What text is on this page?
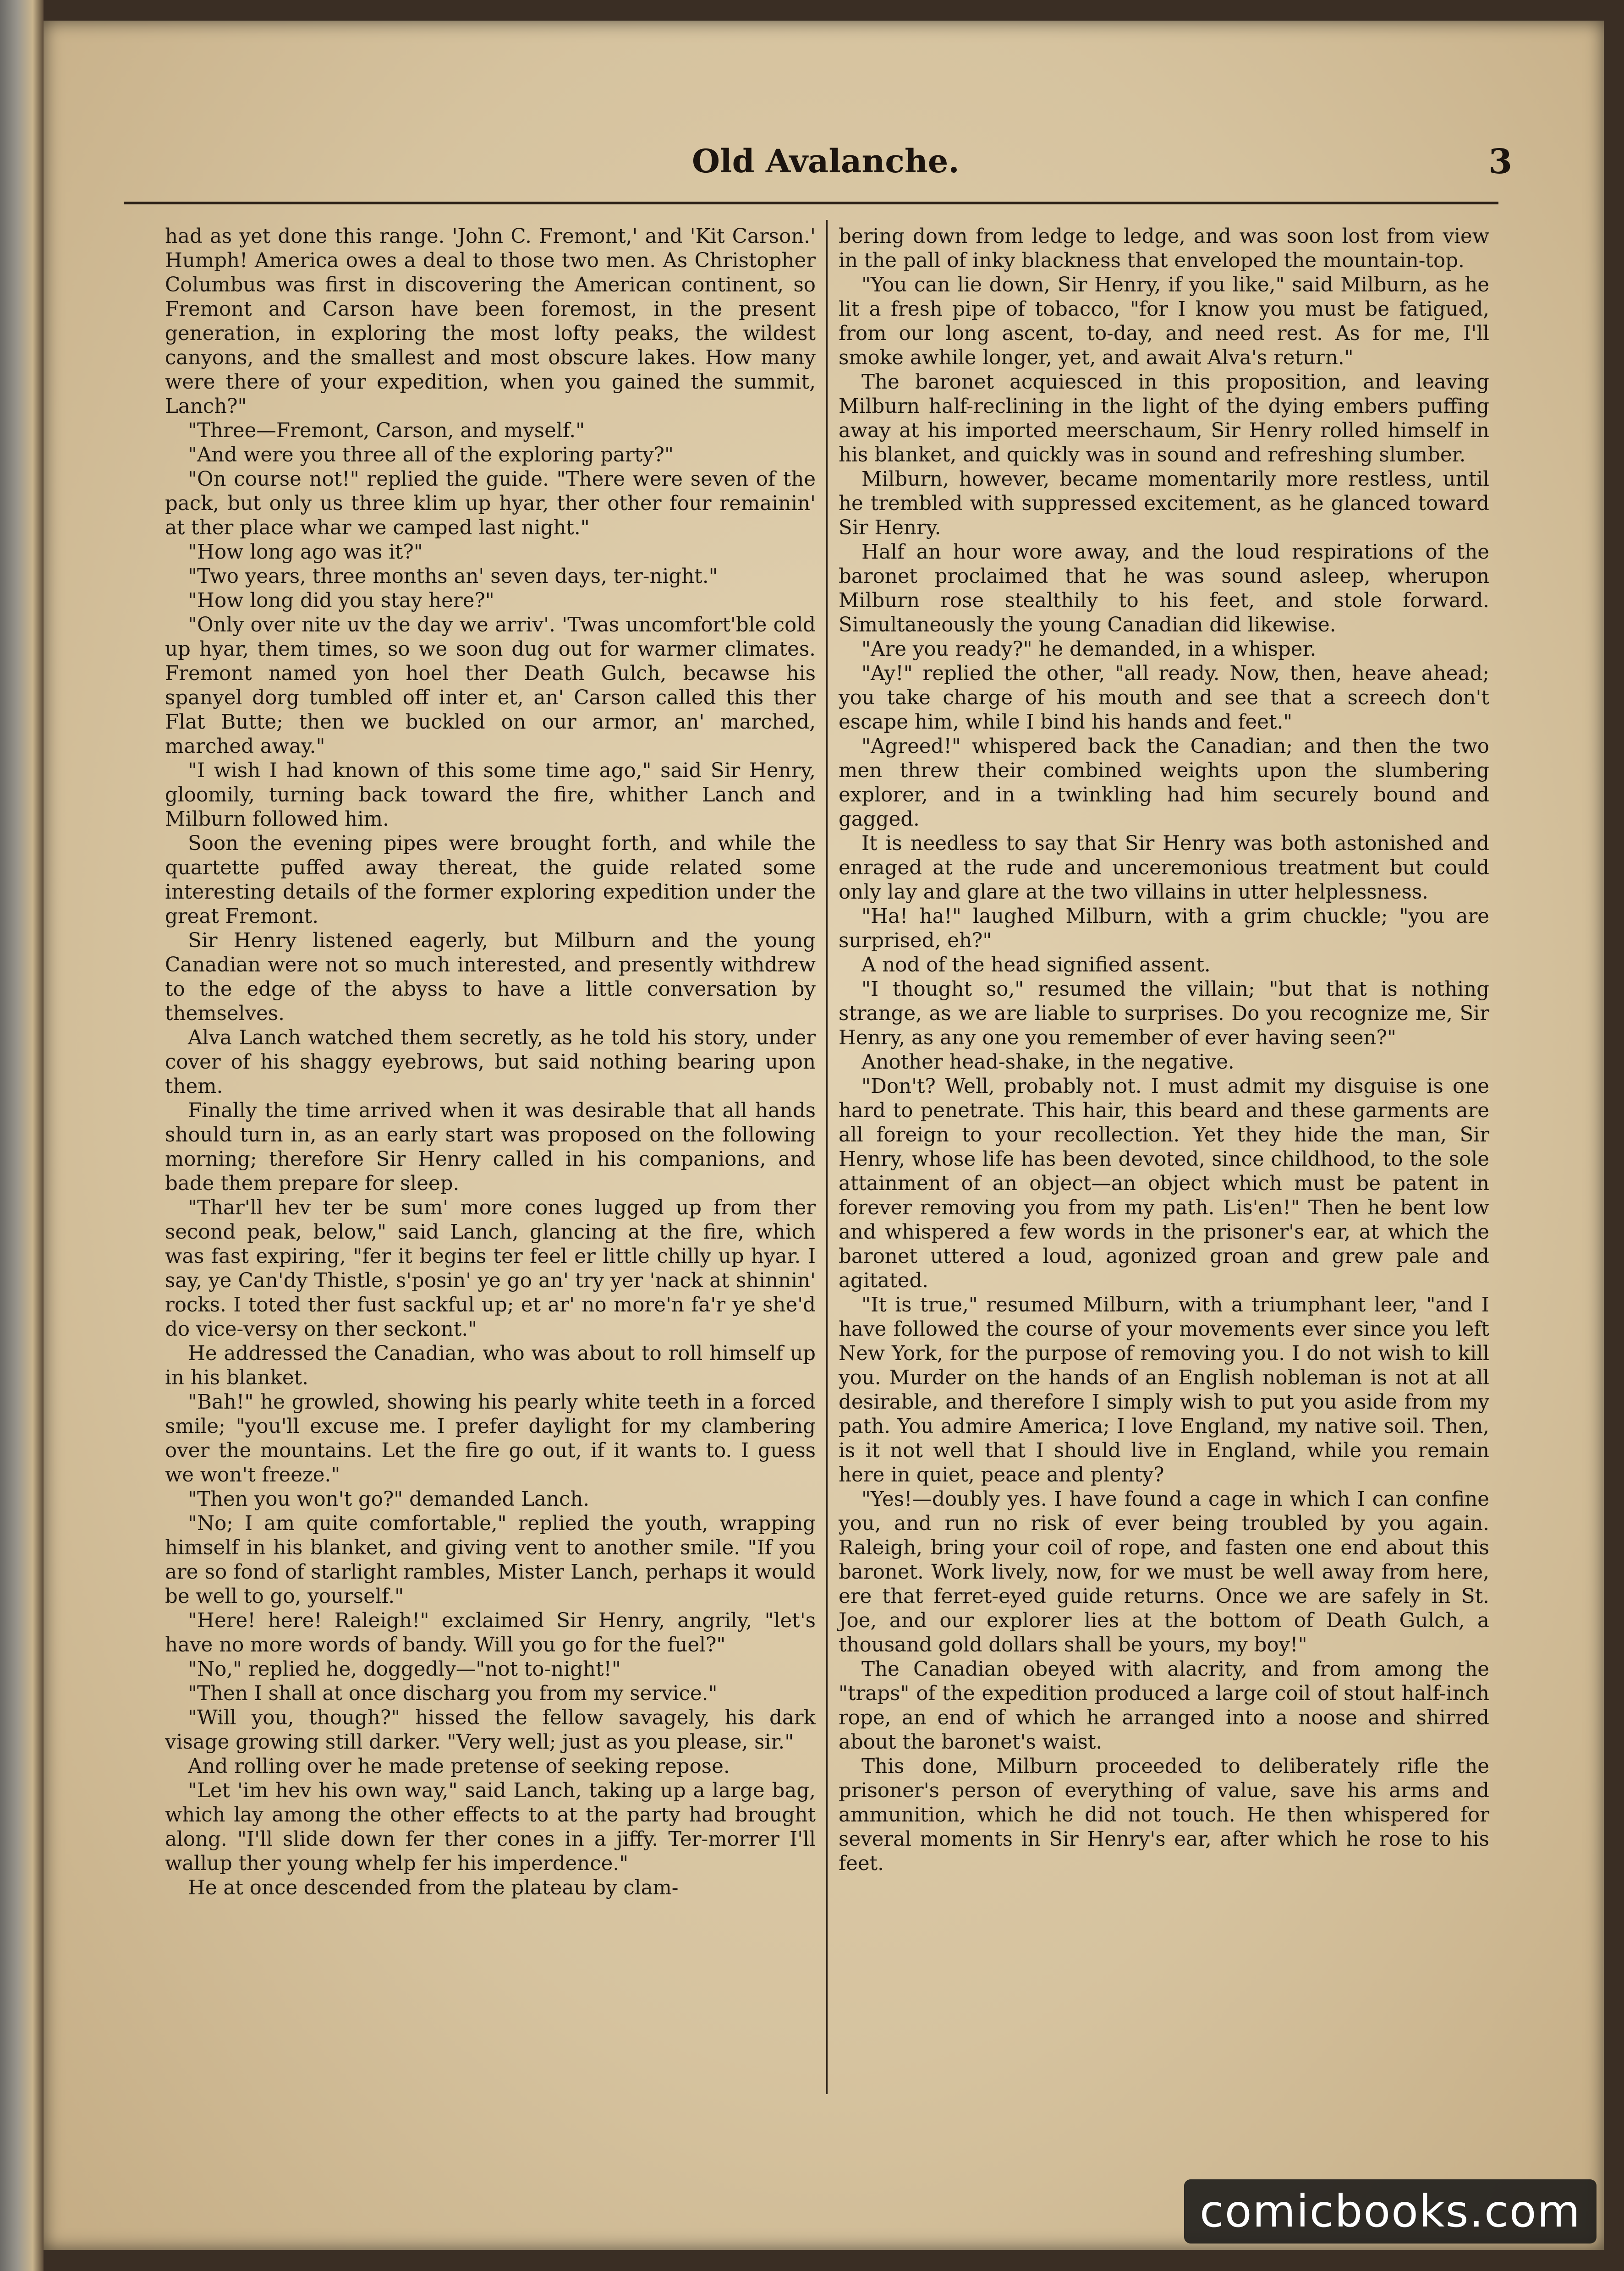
Old Avalanche.	3

had as yet done this range. 'John C. Fremont,' and 'Kit Carson.' Humph! America owes a deal to those two men. As Christopher Columbus was first in discovering the American continent, so Fremont and Carson have been foremost, in the present generation, in exploring the most lofty peaks, the wildest canyons, and the smallest and most obscure lakes. How many were there of your expedition, when you gained the summit, Lanch?"

"Three—Fremont, Carson, and myself."

"And were you three all of the exploring party?"

"On course not!" replied the guide. "There were seven of the pack, but only us three klim up hyar, ther other four remainin' at ther place whar we camped last night."

"How long ago was it?"

"Two years, three months an' seven days, ter-night."

"How long did you stay here?"

"Only over nite uv the day we arriv'. 'Twas uncomfort'ble cold up hyar, them times, so we soon dug out for warmer climates. Fremont named yon hoel ther Death Gulch, becawse his spanyel dorg tumbled off inter et, an' Carson called this ther Flat Butte; then we buckled on our armor, an' marched, marched away."

"I wish I had known of this some time ago," said Sir Henry, gloomily, turning back toward the fire, whither Lanch and Milburn followed him.

Soon the evening pipes were brought forth, and while the quartette puffed away thereat, the guide related some interesting details of the former exploring expedition under the great Fremont.

Sir Henry listened eagerly, but Milburn and the young Canadian were not so much interested, and presently withdrew to the edge of the abyss to have a little conversation by themselves.

Alva Lanch watched them secretly, as he told his story, under cover of his shaggy eyebrows, but said nothing bearing upon them.

Finally the time arrived when it was desirable that all hands should turn in, as an early start was proposed on the following morning; therefore Sir Henry called in his companions, and bade them prepare for sleep.

"Thar'll hev ter be sum' more cones lugged up from ther second peak, below," said Lanch, glancing at the fire, which was fast expiring, "fer it begins ter feel er little chilly up hyar. I say, ye Can'dy Thistle, s'posin' ye go an' try yer 'nack at shinnin' rocks. I toted ther fust sackful up; et ar' no more'n fa'r ye she'd do vice-versy on ther seckont."

He addressed the Canadian, who was about to roll himself up in his blanket.

"Bah!" he growled, showing his pearly white teeth in a forced smile; "you'll excuse me. I prefer daylight for my clambering over the mountains. Let the fire go out, if it wants to. I guess we won't freeze."

"Then you won't go?" demanded Lanch.

"No; I am quite comfortable," replied the youth, wrapping himself in his blanket, and giving vent to another smile. "If you are so fond of starlight rambles, Mister Lanch, perhaps it would be well to go, yourself."

"Here! here! Raleigh!" exclaimed Sir Henry, angrily, "let's have no more words of bandy. Will you go for the fuel?"

"No," replied he, doggedly—"not to-night!"

"Then I shall at once discharg you from my service."

"Will you, though?" hissed the fellow savagely, his dark visage growing still darker. "Very well; just as you please, sir."

And rolling over he made pretense of seeking repose.

"Let 'im hev his own way," said Lanch, taking up a large bag, which lay among the other effects to at the party had brought along. "I'll slide down fer ther cones in a jiffy. Ter-morrer I'll wallup ther young whelp fer his imperdence."

He at once descended from the plateau by clam-

bering down from ledge to ledge, and was soon lost from view in the pall of inky blackness that enveloped the mountain-top.

"You can lie down, Sir Henry, if you like," said Milburn, as he lit a fresh pipe of tobacco, "for I know you must be fatigued, from our long ascent, to-day, and need rest. As for me, I'll smoke awhile longer, yet, and await Alva's return."

The baronet acquiesced in this proposition, and leaving Milburn half-reclining in the light of the dying embers puffing away at his imported meerschaum, Sir Henry rolled himself in his blanket, and quickly was in sound and refreshing slumber.

Milburn, however, became momentarily more restless, until he trembled with suppressed excitement, as he glanced toward Sir Henry.

Half an hour wore away, and the loud respirations of the baronet proclaimed that he was sound asleep, wherupon Milburn rose stealthily to his feet, and stole forward. Simultaneously the young Canadian did likewise.

"Are you ready?" he demanded, in a whisper.

"Ay!" replied the other, "all ready. Now, then, heave ahead; you take charge of his mouth and see that a screech don't escape him, while I bind his hands and feet."

"Agreed!" whispered back the Canadian; and then the two men threw their combined weights upon the slumbering explorer, and in a twinkling had him securely bound and gagged.

It is needless to say that Sir Henry was both astonished and enraged at the rude and unceremonious treatment but could only lay and glare at the two villains in utter helplessness.

"Ha! ha!" laughed Milburn, with a grim chuckle; "you are surprised, eh?"

A nod of the head signified assent.

"I thought so," resumed the villain; "but that is nothing strange, as we are liable to surprises. Do you recognize me, Sir Henry, as any one you remember of ever having seen?"

Another head-shake, in the negative.

"Don't? Well, probably not. I must admit my disguise is one hard to penetrate. This hair, this beard and these garments are all foreign to your recollection. Yet they hide the man, Sir Henry, whose life has been devoted, since childhood, to the sole attainment of an object—an object which must be patent in forever removing you from my path. Lis'en!" Then he bent low and whispered a few words in the prisoner's ear, at which the baronet uttered a loud, agonized groan and grew pale and agitated.

"It is true," resumed Milburn, with a triumphant leer, "and I have followed the course of your movements ever since you left New York, for the purpose of removing you. I do not wish to kill you. Murder on the hands of an English nobleman is not at all desirable, and therefore I simply wish to put you aside from my path. You admire America; I love England, my native soil. Then, is it not well that I should live in England, while you remain here in quiet, peace and plenty?

"Yes!—doubly yes. I have found a cage in which I can confine you, and run no risk of ever being troubled by you again. Raleigh, bring your coil of rope, and fasten one end about this baronet. Work lively, now, for we must be well away from here, ere that ferret-eyed guide returns. Once we are safely in St. Joe, and our explorer lies at the bottom of Death Gulch, a thousand gold dollars shall be yours, my boy!"

The Canadian obeyed with alacrity, and from among the "traps" of the expedition produced a large coil of stout half-inch rope, an end of which he arranged into a noose and shirred about the baronet's waist.

This done, Milburn proceeded to deliberately rifle the prisoner's person of everything of value, save his arms and ammunition, which he did not touch. He then whispered for several moments in Sir Henry's ear, after which he rose to his feet.

comicbooks.com
